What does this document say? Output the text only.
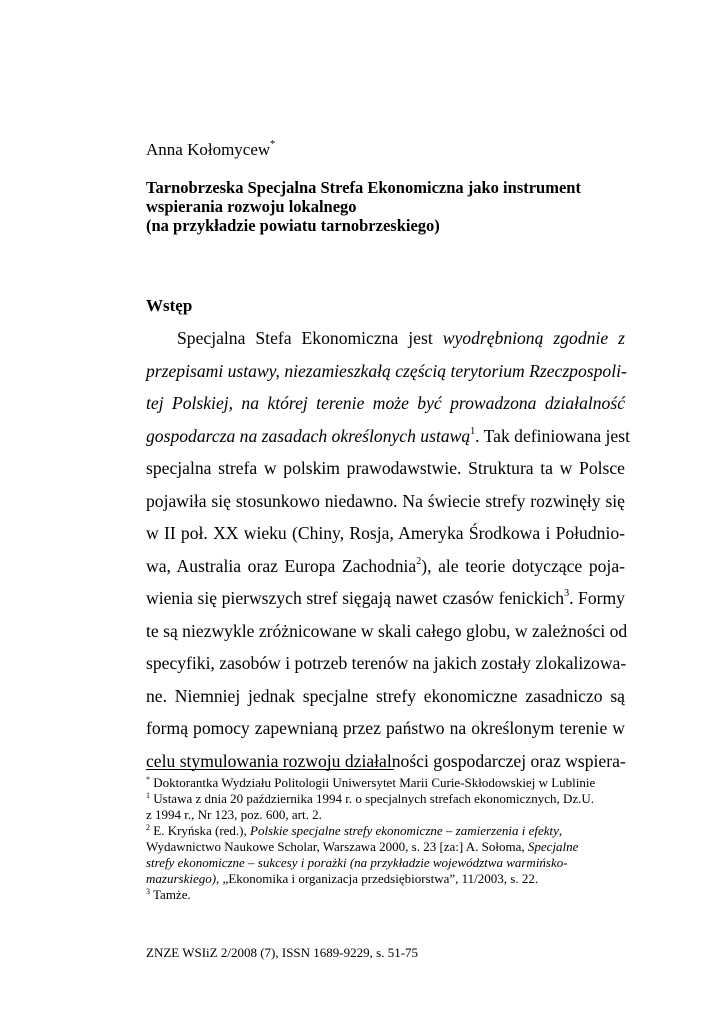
Anna Kołomycew*
Tarnobrzeska Specjalna Strefa Ekonomiczna jako instrument
wspierania rozwoju lokalnego
(na przykładzie powiatu tarnobrzeskiego)
Wstęp
Specjalna Stefa Ekonomiczna jest wyodrębnioną zgodnie z
przepisami ustawy, niezamieszkałą częścią terytorium Rzeczpospoli-
tej Polskiej, na której terenie może być prowadzona działalność
gospodarcza na zasadach określonych ustawą$^1$. Tak definiowana jest
specjalna strefa w polskim prawodawstwie. Struktura ta w Polsce
pojawiła się stosunkowo niedawno. Na świecie strefy rozwinęły się
w II poł. XX wieku (Chiny, Rosja, Ameryka Środkowa i Południo-
wa, Australia oraz Europa Zachodnia$^2$), ale teorie dotyczące poja-
wienia się pierwszych stref sięgają nawet czasów fenickich$^3$. Formy
te są niezwykle zróżnicowane w skali całego globu, w zależności od
specyfiki, zasobów i potrzeb terenów na jakich zostały zlokalizowa-
ne. Niemniej jednak specjalne strefy ekonomiczne zasadniczo są
formą pomocy zapewnianą przez państwo na określonym terenie w
celu stymulowania rozwoju działalności gospodarczej oraz wspiera-
* Doktorantka Wydziału Politologii Uniwersytet Marii Curie-Skłodowskiej w Lublinie
$^1$ Ustawa z dnia 20 października 1994 r. o specjalnych strefach ekonomicznych, Dz.U.
z 1994 r., Nr 123, poz. 600, art. 2.
$^2$ E. Kryńska (red.), Polskie specjalne strefy ekonomiczne – zamierzenia i efekty,
Wydawnictwo Naukowe Scholar, Warszawa 2000, s. 23 [za:] A. Sołoma, Specjalne
strefy ekonomiczne – sukcesy i porażki (na przykładzie województwa warmińsko-
mazurskiego), „Ekonomika i organizacja przedsiębiorstwa”, 11/2003, s. 22.
$^3$ Tamże.
ZNZE WSIiZ 2/2008 (7), ISSN 1689-9229, s. 51-75
